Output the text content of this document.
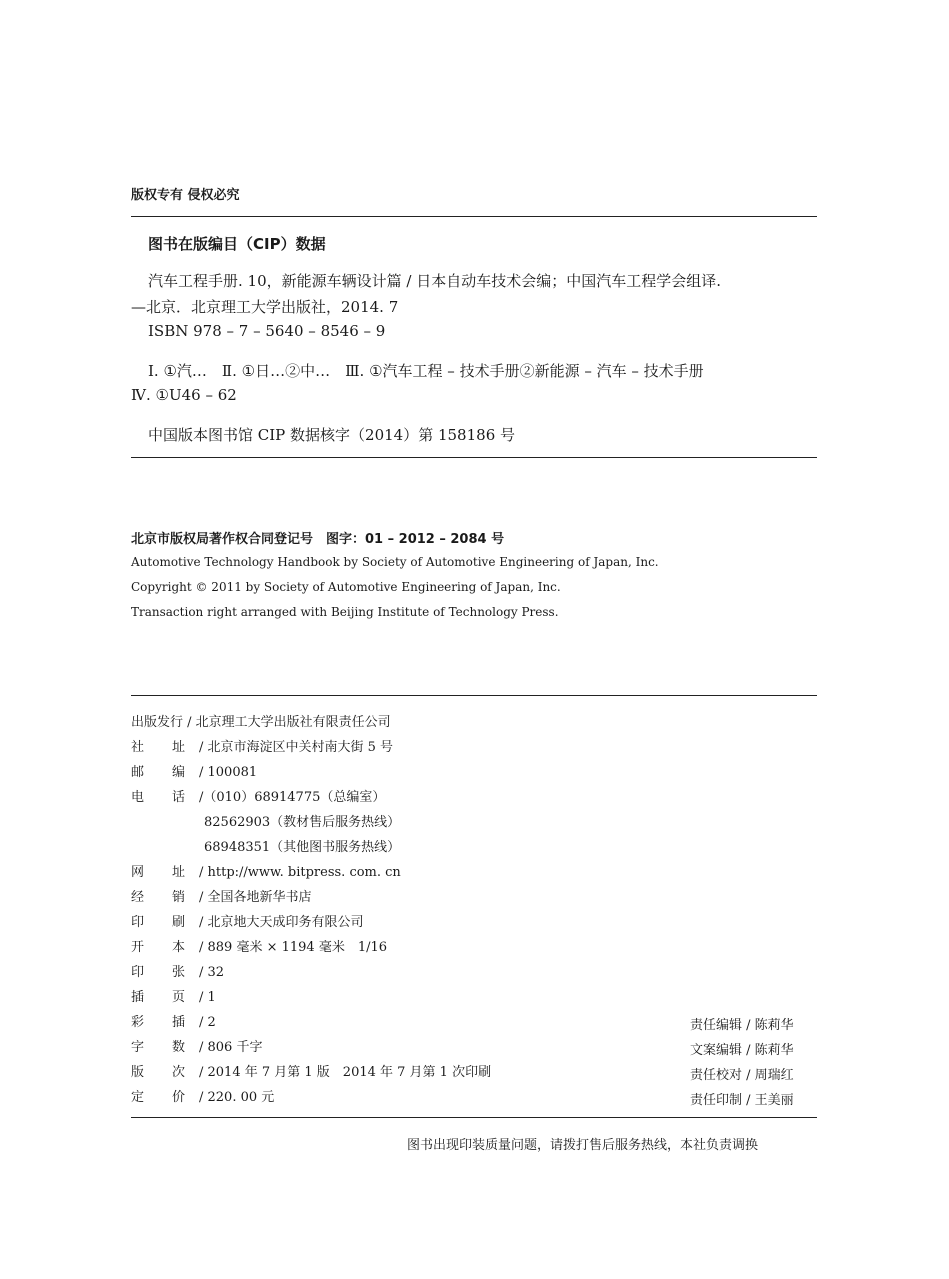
版权专有 侵权必究
图书在版编目（CIP）数据
汽车工程手册. 10，新能源车辆设计篇 / 日本自动车技术会编；中国汽车工程学会组译.
—北京．北京理工大学出版社，2014. 7
ISBN 978 – 7 – 5640 – 8546 – 9
Ⅰ. ①汽…　Ⅱ. ①日…②中…　Ⅲ. ①汽车工程 – 技术手册②新能源 – 汽车 – 技术手册
Ⅳ. ①U46 – 62
中国版本图书馆 CIP 数据核字（2014）第 158186 号
北京市版权局著作权合同登记号　图字：01 – 2012 – 2084 号
Automotive Technology Handbook by Society of Automotive Engineering of Japan, Inc.
Copyright © 2011 by Society of Automotive Engineering of Japan, Inc.
Transaction right arranged with Beijing Institute of Technology Press.
出版发行 / 北京理工大学出版社有限责任公司
社 址 / 北京市海淀区中关村南大街 5 号
邮 编 / 100081
电 话 /（010）68914775（总编室）
82562903（教材售后服务热线）
68948351（其他图书服务热线）
网 址 / http://www. bitpress. com. cn
经 销 / 全国各地新华书店
印 刷 / 北京地大天成印务有限公司
开 本 / 889 毫米 × 1194 毫米　1/16
印 张 / 32
插 页 / 1
彩 插 / 2
字 数 / 806 千字
版 次 / 2014 年 7 月第 1 版　2014 年 7 月第 1 次印刷
定 价 / 220. 00 元
责任编辑 / 陈莉华
文案编辑 / 陈莉华
责任校对 / 周瑞红
责任印制 / 王美丽
图书出现印装质量问题，请拨打售后服务热线，本社负责调换
